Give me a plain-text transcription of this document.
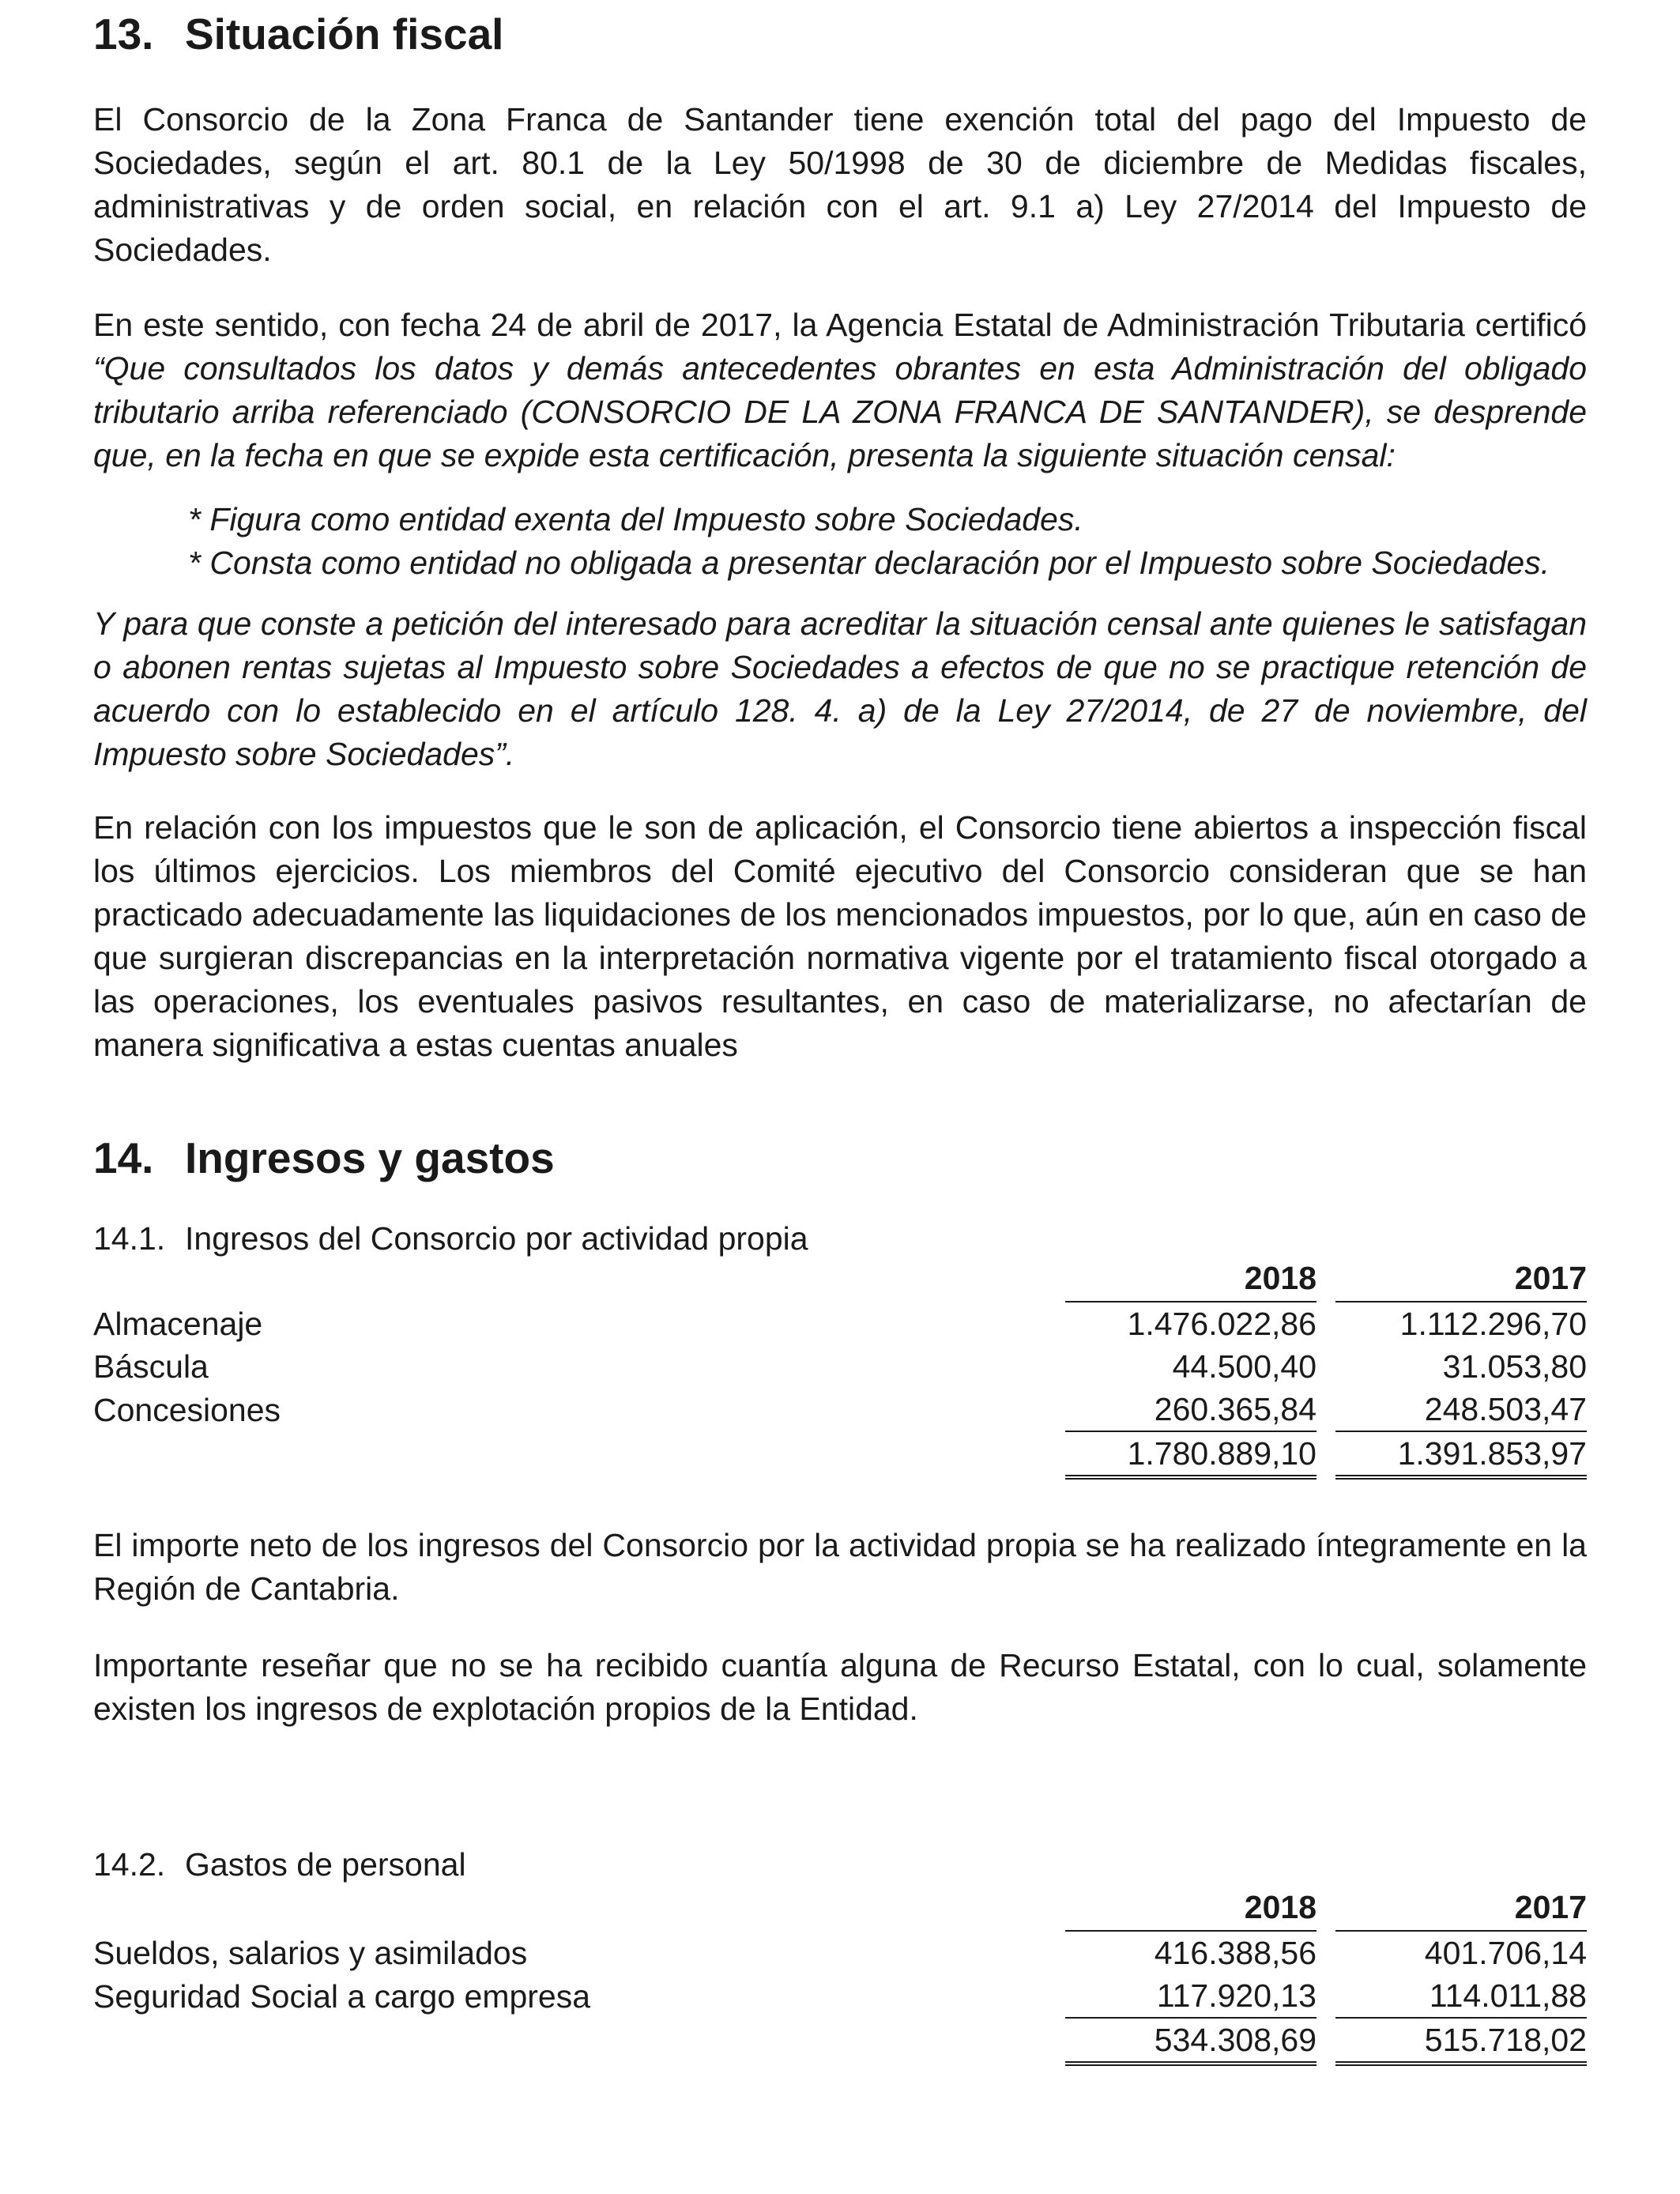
13. Situación fiscal

El Consorcio de la Zona Franca de Santander tiene exención total del pago del Impuesto de Sociedades, según el art. 80.1 de la Ley 50/1998 de 30 de diciembre de Medidas fiscales, administrativas y de orden social, en relación con el art. 9.1 a) Ley 27/2014 del Impuesto de Sociedades.

En este sentido, con fecha 24 de abril de 2017, la Agencia Estatal de Administración Tributaria certificó “Que consultados los datos y demás antecedentes obrantes en esta Administración del obligado tributario arriba referenciado (CONSORCIO DE LA ZONA FRANCA DE SANTANDER), se desprende que, en la fecha en que se expide esta certificación, presenta la siguiente situación censal:

* Figura como entidad exenta del Impuesto sobre Sociedades.
* Consta como entidad no obligada a presentar declaración por el Impuesto sobre Sociedades.

Y para que conste a petición del interesado para acreditar la situación censal ante quienes le satisfagan o abonen rentas sujetas al Impuesto sobre Sociedades a efectos de que no se practique retención de acuerdo con lo establecido en el artículo 128. 4. a) de la Ley 27/2014, de 27 de noviembre, del Impuesto sobre Sociedades”.

En relación con los impuestos que le son de aplicación, el Consorcio tiene abiertos a inspección fiscal los últimos ejercicios. Los miembros del Comité ejecutivo del Consorcio consideran que se han practicado adecuadamente las liquidaciones de los mencionados impuestos, por lo que, aún en caso de que surgieran discrepancias en la interpretación normativa vigente por el tratamiento fiscal otorgado a las operaciones, los eventuales pasivos resultantes, en caso de materializarse, no afectarían de manera significativa a estas cuentas anuales

14. Ingresos y gastos
14.1. Ingresos del Consorcio por actividad propia
	2018		2017
Almacenaje	1.476.022,86		1.112.296,70
Báscula	44.500,40		31.053,80
Concesiones	260.365,84		248.503,47
	1.780.889,10		1.391.853,97

El importe neto de los ingresos del Consorcio por la actividad propia se ha realizado íntegramente en la Región de Cantabria.

Importante reseñar que no se ha recibido cuantía alguna de Recurso Estatal, con lo cual, solamente existen los ingresos de explotación propios de la Entidad.

14.2. Gastos de personal
	2018		2017
Sueldos, salarios y asimilados	416.388,56		401.706,14
Seguridad Social a cargo empresa	117.920,13		114.011,88
	534.308,69		515.718,02
